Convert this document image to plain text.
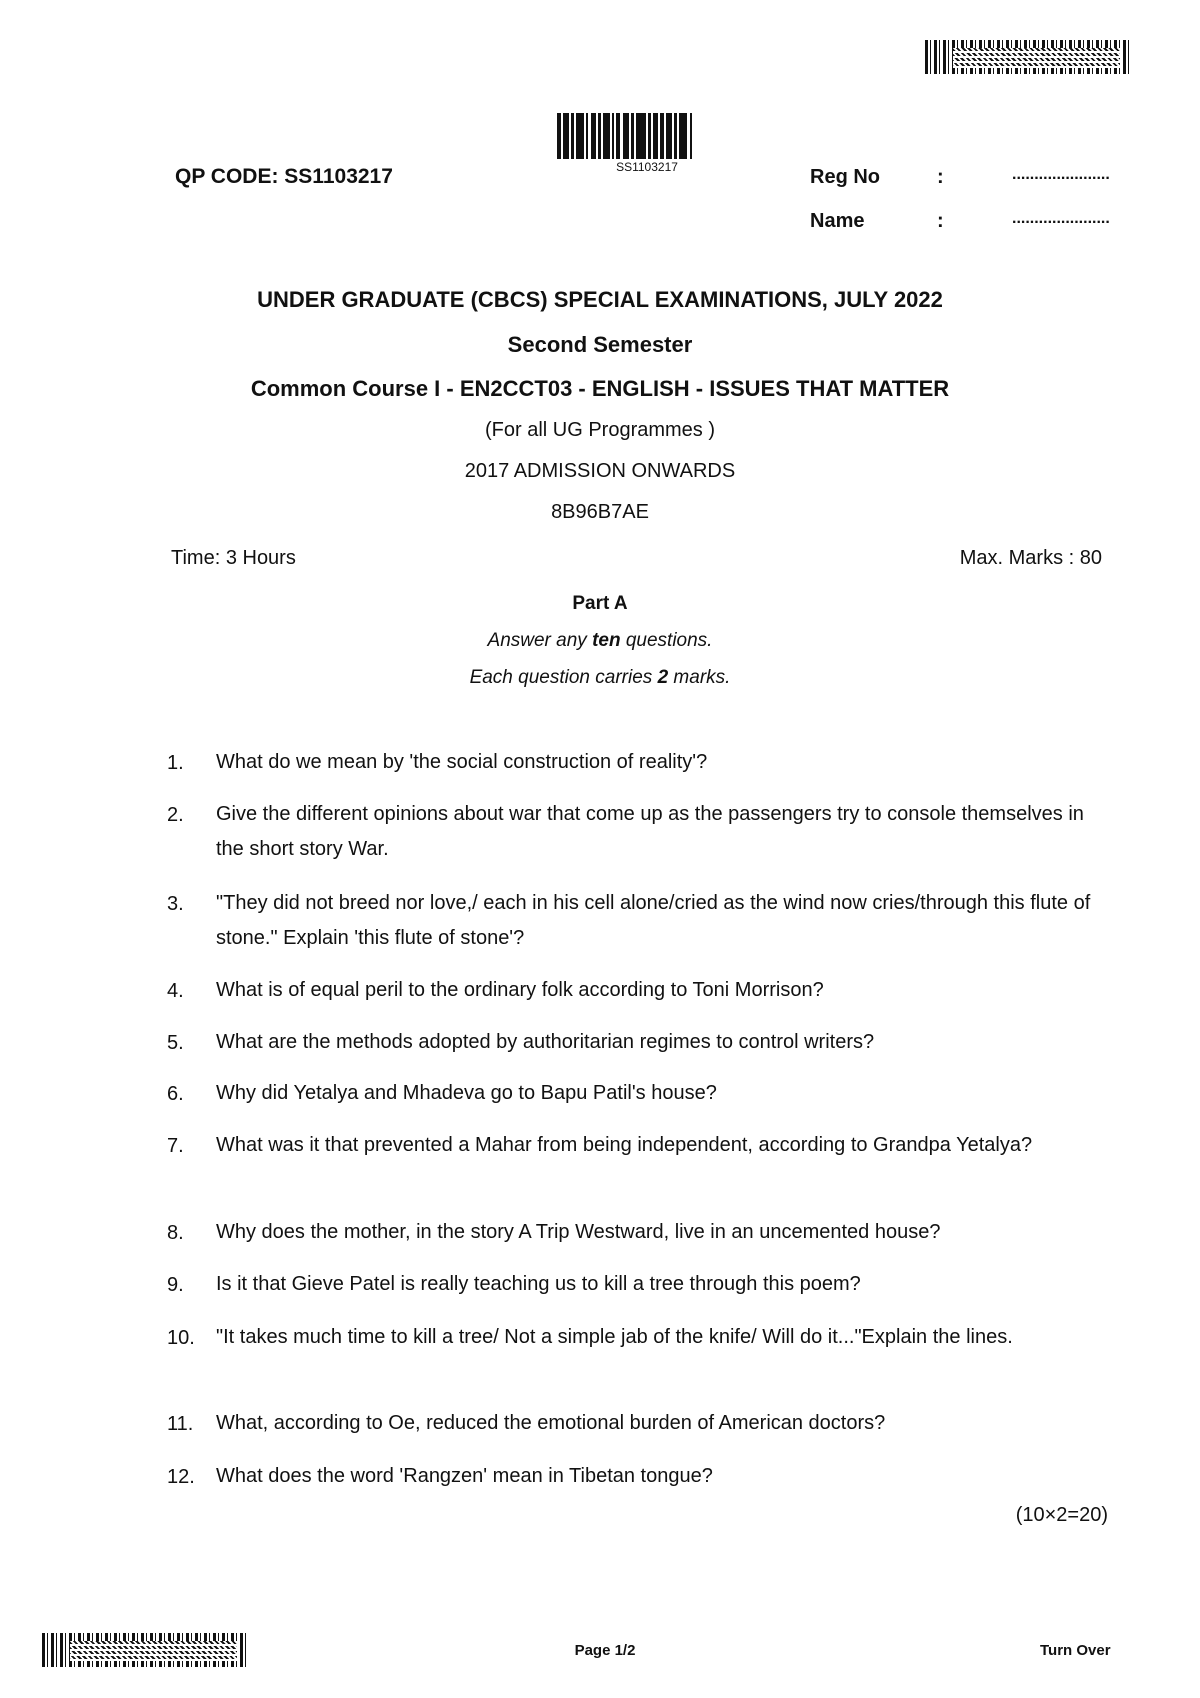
SS1103217
QP CODE: SS1103217	Reg No	:	......................
Name	:	......................
UNDER GRADUATE (CBCS) SPECIAL EXAMINATIONS, JULY 2022
Second Semester
Common Course I - EN2CCT03 - ENGLISH - ISSUES THAT MATTER
(For all UG Programmes )
2017 ADMISSION ONWARDS
8B96B7AE
Time: 3 Hours	Max. Marks : 80
Part A
Answer any ten questions.
Each question carries 2 marks.
1. What do we mean by 'the social construction of reality'?
2. Give the different opinions about war that come up as the passengers try to console themselves in the short story War.
3. "They did not breed nor love,/ each in his cell alone/cried as the wind now cries/through this flute of stone." Explain 'this flute of stone'?
4. What is of equal peril to the ordinary folk according to Toni Morrison?
5. What are the methods adopted by authoritarian regimes to control writers?
6. Why did Yetalya and Mhadeva go to Bapu Patil's house?
7. What was it that prevented a Mahar from being independent, according to Grandpa Yetalya?
8. Why does the mother, in the story A Trip Westward, live in an uncemented house?
9. Is it that Gieve Patel is really teaching us to kill a tree through this poem?
10. "It takes much time to kill a tree/ Not a simple jab of the knife/ Will do it..."Explain the lines.
11. What, according to Oe, reduced the emotional burden of American doctors?
12. What does the word 'Rangzen' mean in Tibetan tongue?
(10×2=20)
Page 1/2	Turn Over
